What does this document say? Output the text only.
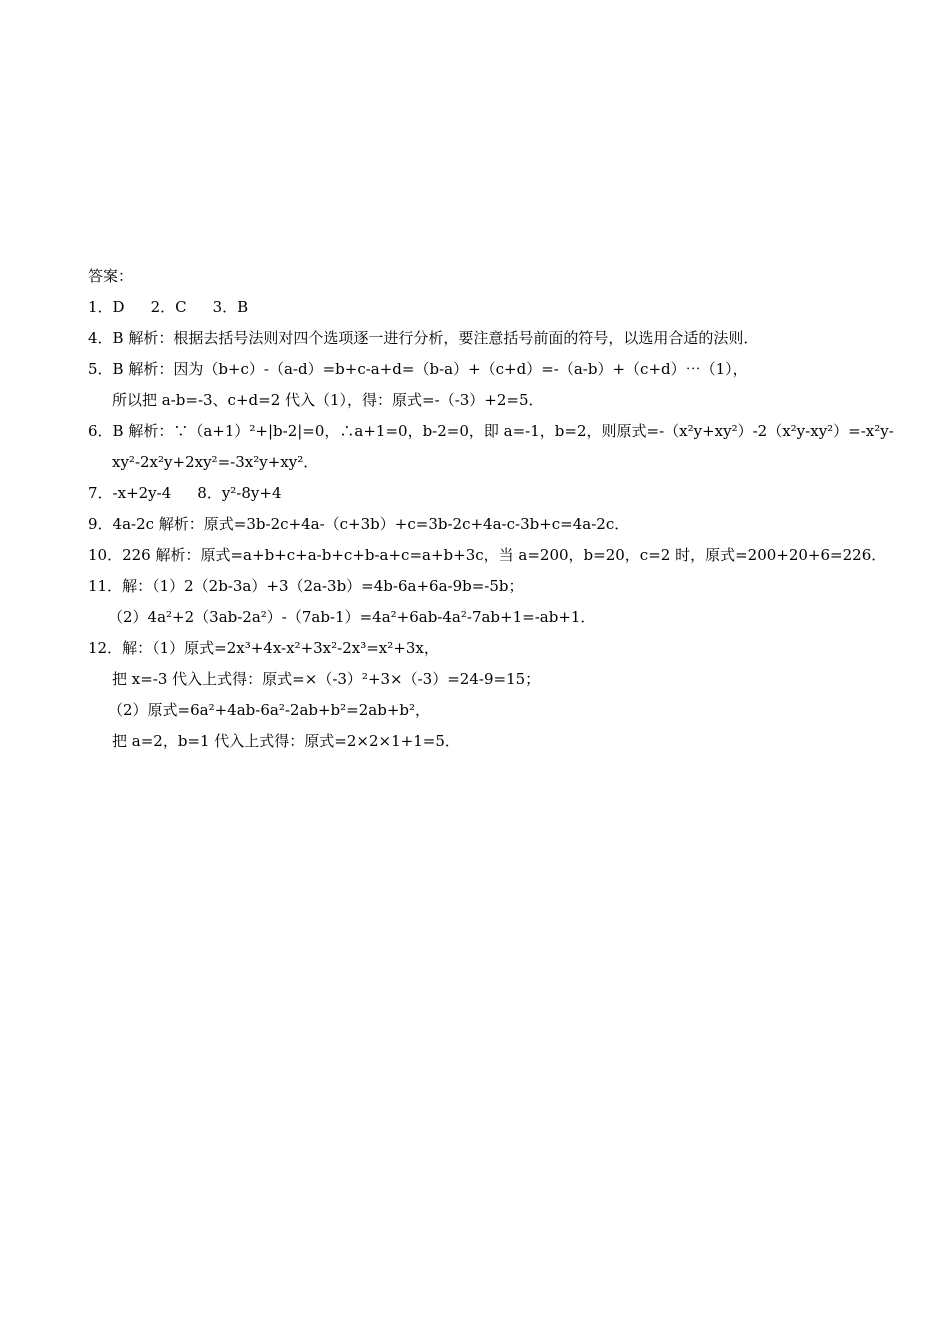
答案：
1．D 2．C 3．B
4．B 解析：根据去括号法则对四个选项逐一进行分析，要注意括号前面的符号，以选用合适的法则．
5．B 解析：因为（b+c）-（a-d）=b+c-a+d=（b-a）+（c+d）=-（a-b）+（c+d）⋯（1），
所以把 a-b=-3、c+d=2 代入（1），得：原式=-（-3）+2=5．
6．B 解析：∵（a+1）²+|b-2|=0，∴a+1=0，b-2=0，即 a=-1，b=2，则原式=-（x²y+xy²）-2（x²y-xy²）=-x²y-
xy²-2x²y+2xy²=-3x²y+xy²．
7．-x+2y-4 8．y²-8y+4
9．4a-2c 解析：原式=3b-2c+4a-（c+3b）+c=3b-2c+4a-c-3b+c=4a-2c．
10．226 解析：原式=a+b+c+a-b+c+b-a+c=a+b+3c，当 a=200，b=20，c=2 时，原式=200+20+6=226．
11．解：（1）2（2b-3a）+3（2a-3b）=4b-6a+6a-9b=-5b；
（2）4a²+2（3ab-2a²）-（7ab-1）=4a²+6ab-4a²-7ab+1=-ab+1．
12．解：（1）原式=2x³+4x-x²+3x²-2x³=x²+3x，
把 x=-3 代入上式得：原式=×（-3）²+3×（-3）=24-9=15；
（2）原式=6a²+4ab-6a²-2ab+b²=2ab+b²，
把 a=2，b=1 代入上式得：原式=2×2×1+1=5．
